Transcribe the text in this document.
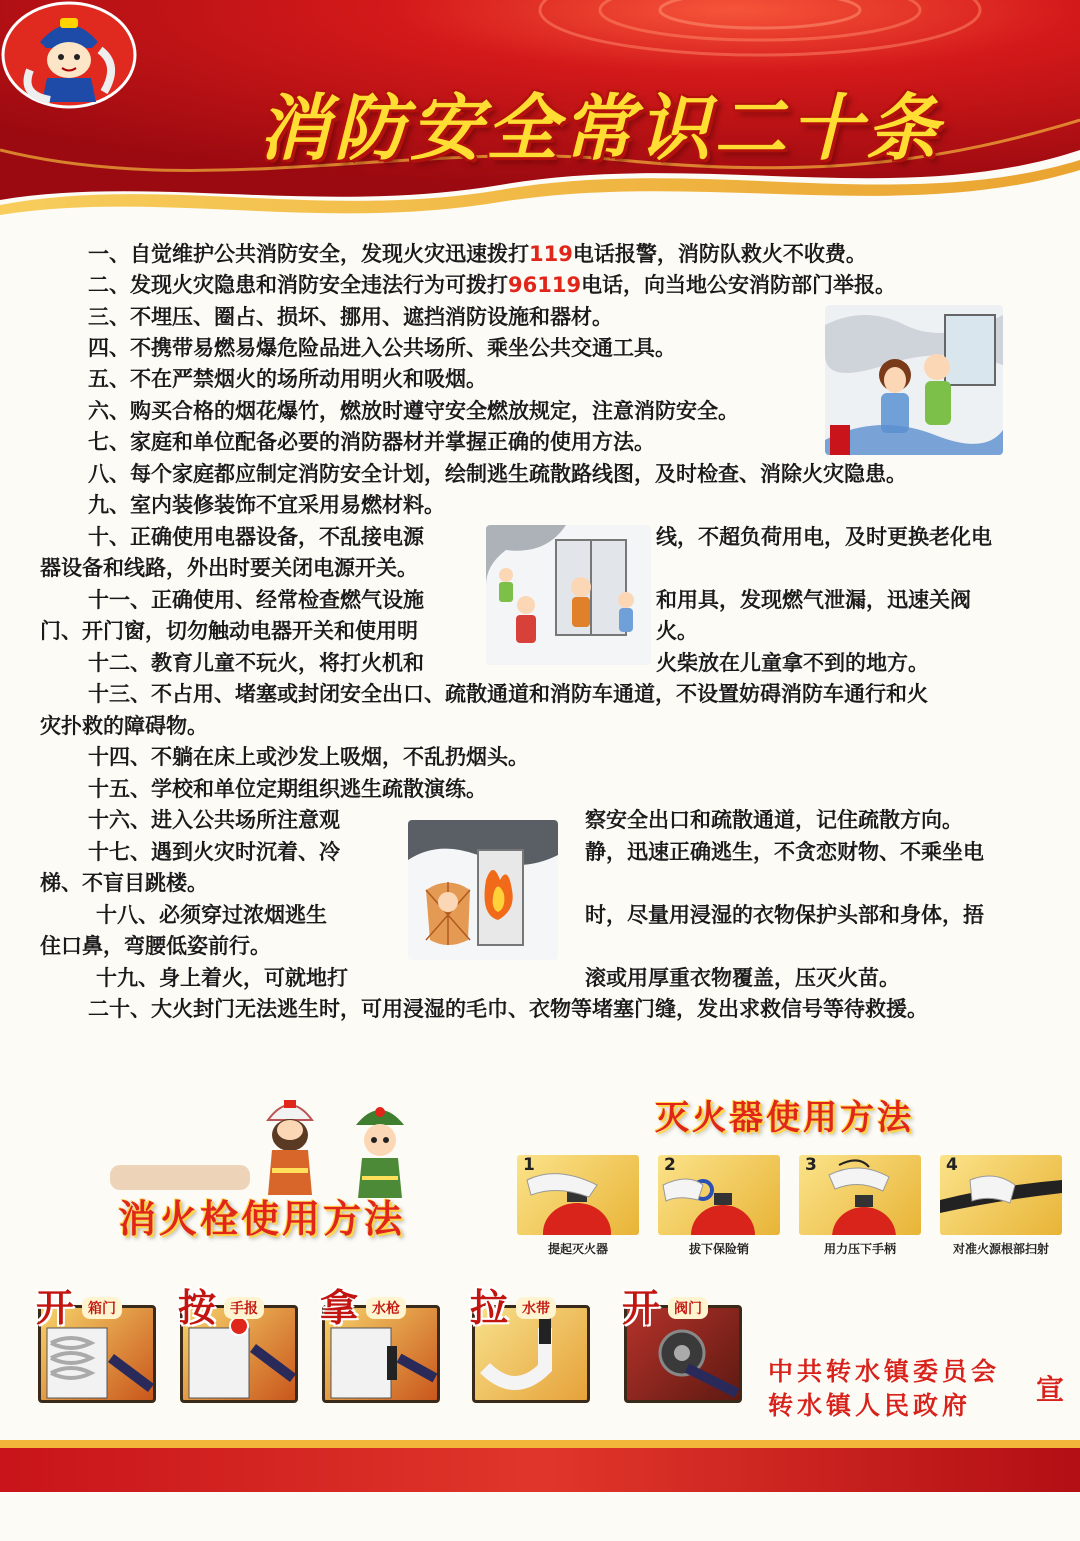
消防安全常识二十条
一、自觉维护公共消防安全，发现火灾迅速拨打119电话报警，消防队救火不收费。
二、发现火灾隐患和消防安全违法行为可拨打96119电话，向当地公安消防部门举报。
三、不埋压、圈占、损坏、挪用、遮挡消防设施和器材。
四、不携带易燃易爆危险品进入公共场所、乘坐公共交通工具。
五、不在严禁烟火的场所动用明火和吸烟。
六、购买合格的烟花爆竹，燃放时遵守安全燃放规定，注意消防安全。
七、家庭和单位配备必要的消防器材并掌握正确的使用方法。
八、每个家庭都应制定消防安全计划，绘制逃生疏散路线图，及时检查、消除火灾隐患。
九、室内装修装饰不宜采用易燃材料。
十、正确使用电器设备，不乱接电源	线，不超负荷用电，及时更换老化电
器设备和线路，外出时要关闭电源开关。
十一、正确使用、经常检查燃气设施	和用具，发现燃气泄漏，迅速关阀
门、开门窗，切勿触动电器开关和使用明	火。
十二、教育儿童不玩火，将打火机和	火柴放在儿童拿不到的地方。
十三、不占用、堵塞或封闭安全出口、疏散通道和消防车通道，不设置妨碍消防车通行和火
灾扑救的障碍物。
十四、不躺在床上或沙发上吸烟，不乱扔烟头。
十五、学校和单位定期组织逃生疏散演练。
十六、进入公共场所注意观	察安全出口和疏散通道，记住疏散方向。
十七、遇到火灾时沉着、冷	静，迅速正确逃生，不贪恋财物、不乘坐电
梯、不盲目跳楼。
十八、必须穿过浓烟逃生	时，尽量用浸湿的衣物保护头部和身体，捂
住口鼻，弯腰低姿前行。
十九、身上着火，可就地打	滚或用厚重衣物覆盖，压灭火苗。
二十、大火封门无法逃生时，可用浸湿的毛巾、衣物等堵塞门缝，发出求救信号等待救援。
消火栓使用方法
灭火器使用方法
1	2	3	4
提起灭火器	拔下保险销	用力压下手柄	对准火源根部扫射
开 箱门 按 手报 拿 水枪 拉 水带 开 阀门
中共转水镇委员会
转水镇人民政府 宣
